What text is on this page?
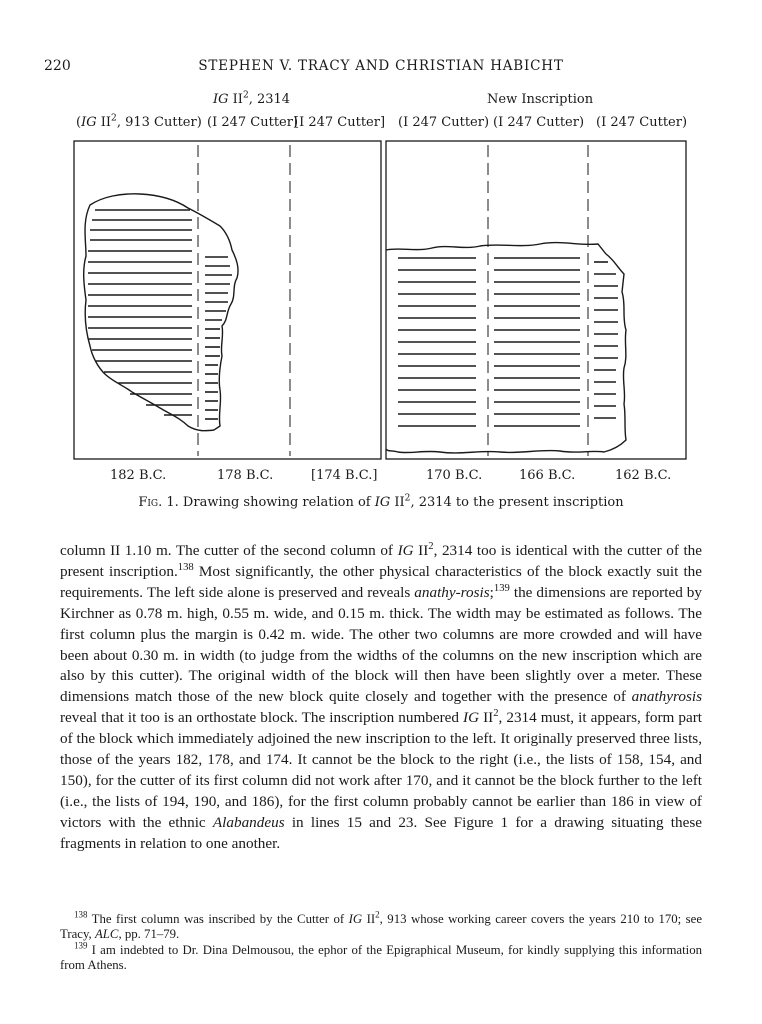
220	STEPHEN V. TRACY AND CHRISTIAN HABICHT
IG $II^2$, 2314	New Inscription
(IG $II^2$, 913 Cutter) (I 247 Cutter)
[I 247 Cutter] (I 247 Cutter) (I 247 Cutter) (I 247 Cutter)
182 B.C.	178 B.C.	[174 B.C.]	170 B.C.	166 B.C.	162 B.C.
Fig. 1. Drawing showing relation of IG $II^2$, 2314 to the present inscription

column II 1.10 m. The cutter of the second column of IG $II^2$, 2314 too is identical with the cutter of the present inscription.$^{138}$ Most significantly, the other physical characteristics of the block exactly suit the requirements. The left side alone is preserved and reveals anathy-rosis;$^{139}$ the dimensions are reported by Kirchner as 0.78 m. high, 0.55 m. wide, and 0.15 m. thick. The width may be estimated as follows. The first column plus the margin is 0.42 m. wide. The other two columns are more crowded and will have been about 0.30 m. in width (to judge from the widths of the columns on the new inscription which are also by this cutter). The original width of the block will then have been slightly over a meter. These dimensions match those of the new block quite closely and together with the presence of anathyrosis reveal that it too is an orthostate block. The inscription numbered IG $II^2$, 2314 must, it appears, form part of the block which immediately adjoined the new inscription to the left. It originally preserved three lists, those of the years 182, 178, and 174. It cannot be the block to the right (i.e., the lists of 158, 154, and 150), for the cutter of its first column did not work after 170, and it cannot be the block further to the left (i.e., the lists of 194, 190, and 186), for the first column probably cannot be earlier than 186 in view of victors with the ethnic Alabandeus in lines 15 and 23. See Figure 1 for a drawing situating these fragments in relation to one another.

$^{138}$ The first column was inscribed by the Cutter of IG $II^2$, 913 whose working career covers the years 210 to 170; see Tracy, ALC, pp. 71–79.

$^{139}$ I am indebted to Dr. Dina Delmousou, the ephor of the Epigraphical Museum, for kindly supplying this information from Athens.
